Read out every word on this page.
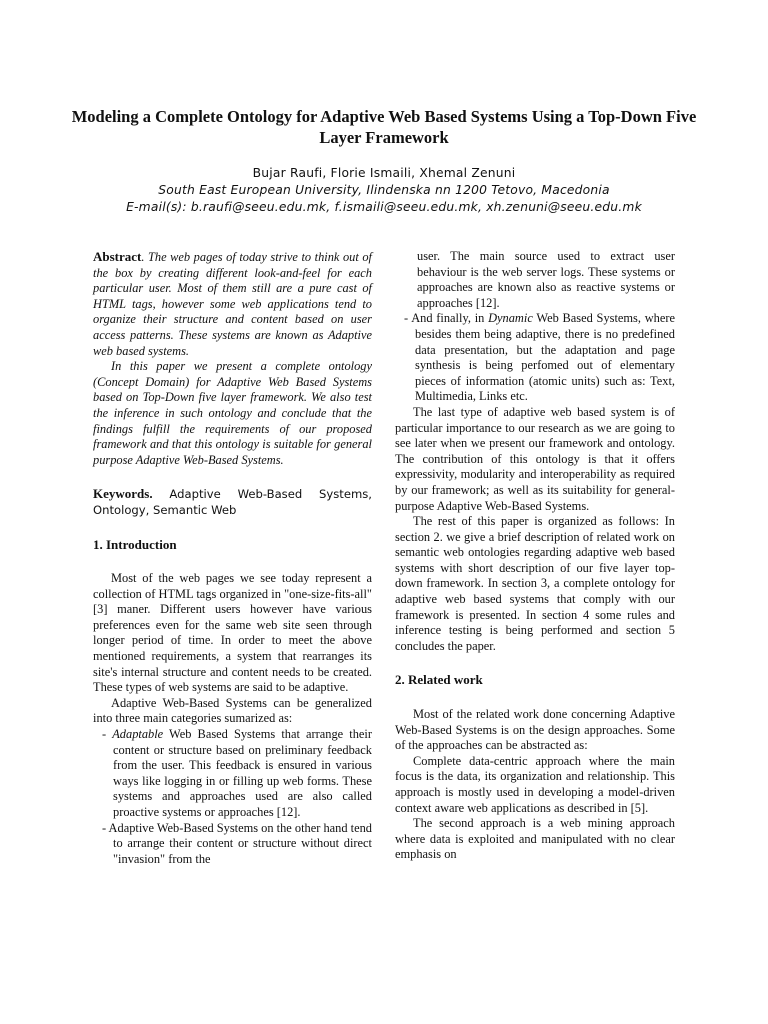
Modeling a Complete Ontology for Adaptive Web Based Systems Using a Top-Down Five Layer Framework
Bujar Raufi, Florie Ismaili, Xhemal Zenuni
South East European University, Ilindenska nn 1200 Tetovo, Macedonia
E-mail(s): b.raufi@seeu.edu.mk, f.ismaili@seeu.edu.mk, xh.zenuni@seeu.edu.mk

Abstract. The web pages of today strive to think out of the box by creating different look-and-feel for each particular user. Most of them still are a pure cast of HTML tags, however some web applications tend to organize their structure and content based on user access patterns. These systems are known as Adaptive web based systems.

In this paper we present a complete ontology (Concept Domain) for Adaptive Web Based Systems based on Top-Down five layer framework. We also test the inference in such ontology and conclude that the findings fulfill the requirements of our proposed framework and that this ontology is suitable for general purpose Adaptive Web-Based Systems.

Keywords. Adaptive Web-Based Systems, Ontology, Semantic Web

1. Introduction

Most of the web pages we see today represent a collection of HTML tags organized in "one-size-fits-all"[3] maner. Different users however have various preferences even for the same web site seen through longer period of time. In order to meet the above mentioned requirements, a system that rearranges its site's internal structure and content needs to be created. These types of web systems are said to be adaptive.

Adaptive Web-Based Systems can be generalized into three main categories sumarized as:

- Adaptable Web Based Systems that arrange their content or structure based on preliminary feedback from the user. This feedback is ensured in various ways like logging in or filling up web forms. These systems and approaches used are also called proactive systems or approaches [12].

- Adaptive Web-Based Systems on the other hand tend to arrange their content or structure without direct "invasion" from the

user. The main source used to extract user behaviour is the web server logs. These systems or approaches are known also as reactive systems or approaches [12].

- And finally, in Dynamic Web Based Systems, where besides them being adaptive, there is no predefined data presentation, but the adaptation and page synthesis is being perfomed out of elementary pieces of information (atomic units) such as: Text, Multimedia, Links etc.

The last type of adaptive web based system is of particular importance to our research as we are going to see later when we present our framework and ontology. The contribution of this ontology is that it offers expressivity, modularity and interoperability as required by our framework; as well as its suitability for general-purpose Adaptive Web-Based Systems.

The rest of this paper is organized as follows: In section 2. we give a brief description of related work on semantic web ontologies regarding adaptive web based systems with short description of our five layer top-down framework. In section 3, a complete ontology for adaptive web based systems that comply with our framework is presented. In section 4 some rules and inference testing is being performed and section 5 concludes the paper.

2. Related work

Most of the related work done concerning Adaptive Web-Based Systems is on the design approaches. Some of the approaches can be abstracted as:

Complete data-centric approach where the main focus is the data, its organization and relationship. This approach is mostly used in developing a model-driven context aware web applications as described in [5].

The second approach is a web mining approach where data is exploited and manipulated with no clear emphasis on
